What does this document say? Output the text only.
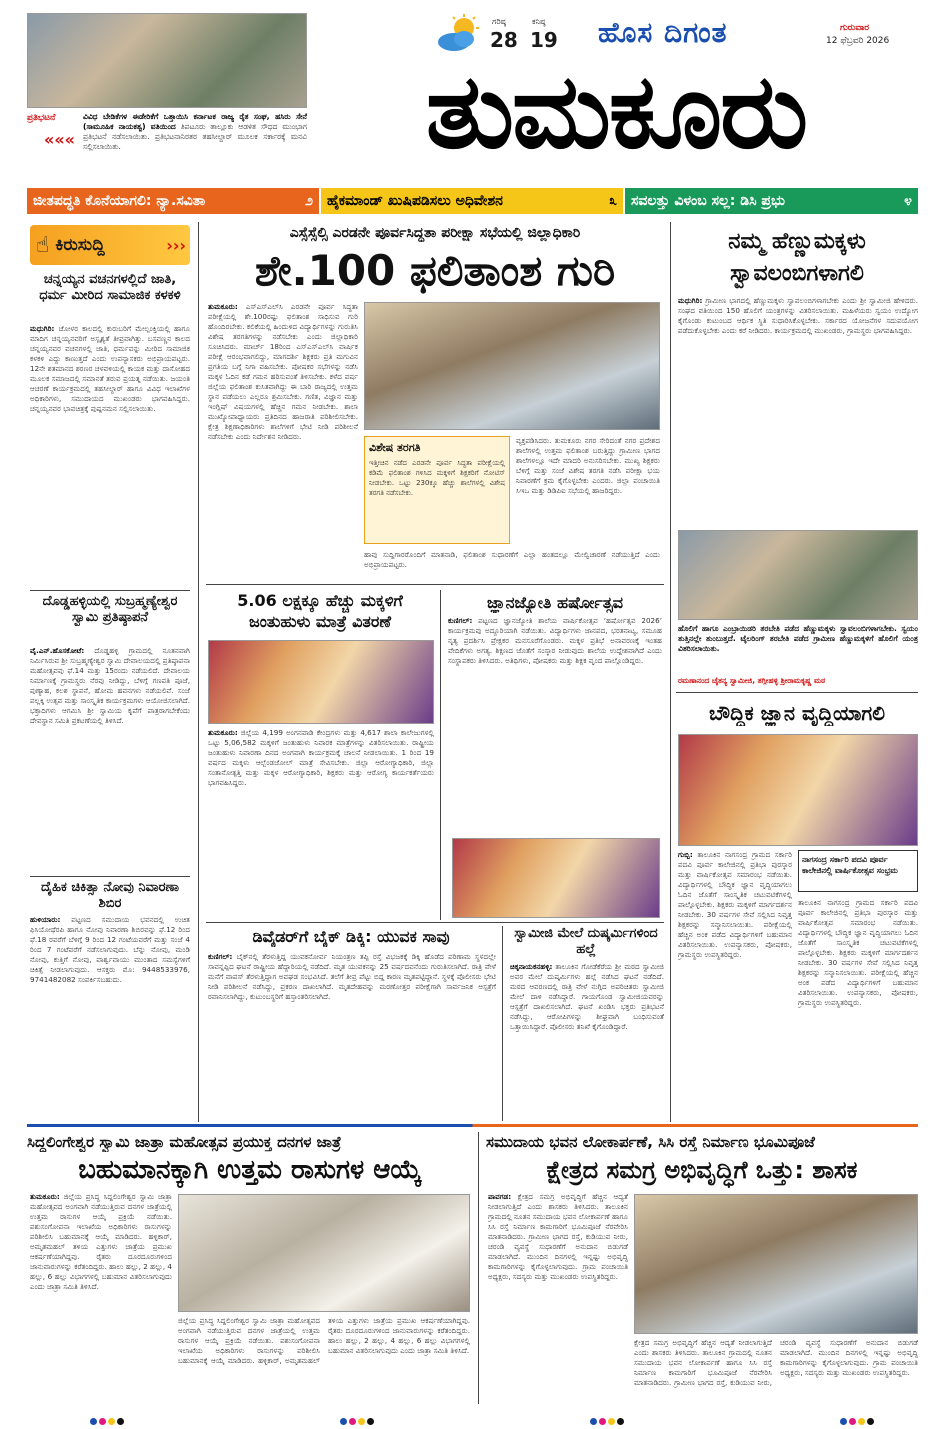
ಪ್ರತಿಭಟನೆ
«««
ವಿವಿಧ ಬೇಡಿಕೆಗಳ ಈಡೇರಿಕೆಗೆ ಒತ್ತಾಯಿಸಿ ಕರ್ನಾಟಕ ರಾಜ್ಯ ರೈತ ಸಂಘ, ಹಸಿರು ಸೇನೆ (ಸಾಮೂಹಿಕ ನಾಯಕತ್ವ) ವತಿಯಿಂದ ತಿಪಟೂರು ತಾಲ್ಲೂಕು ಆಡಳಿತ ಸೌಧದ ಮುಂಭಾಗ ಪ್ರತಿಭಟನೆ ನಡೆಸಲಾಯಿತು. ಪ್ರತಿಭಟನಾನಿರತರ ತಹಸೀಲ್ದಾರ್ ಮೂಲಕ ಸರ್ಕಾರಕ್ಕೆ ಮನವಿ ಸಲ್ಲಿಸಲಾಯಿತು.
ಗರಿಷ್ಠ
28
ಕನಿಷ್ಠ
19 ಹೊಸ ದಿಗಂತ	ಗುರುವಾರ
12 ಫೆಬ್ರವರಿ 2026
ತುಮಕೂರು
ಜೀತಪದ್ಧತಿ ಕೊನೆಯಾಗಲಿ: ನ್ಯಾ.ಸವಿತಾ	೨ ಹೈಕಮಾಂಡ್ ಖುಷಿಪಡಿಸಲು ಅಧಿವೇಶನ	೩ ಸವಲತ್ತು ವಿಳಂಬ ಸಲ್ಲ: ಡಿಸಿ ಪ್ರಭು	೪
☝ ಕಿರುಸುದ್ದಿ	›››
ಚನ್ನಯ್ಯನ ವಚನಗಳಲ್ಲಿದೆ ಜಾತಿ, ಧರ್ಮ ಮೀರಿದ ಸಾಮಾಜಿಕ ಕಳಕಳಿ
ಮಧುಗಿರಿ: ಚೋಳರ ಕಾಲದಲ್ಲಿ ಕುರುಬರಿಗೆ ಮೇಲ್ಪಂಕ್ತಿಯಲ್ಲಿ ಹಾಗೂ ಮಾದಿಗ ಚನ್ನಯ್ಯನವರಿಗೆ ಅಸ್ಪೃಶ್ಯತೆ ತೀವ್ರವಾಗಿತ್ತು. ಬಸವಣ್ಣನ ಕಾಲದ ಚನ್ನಯ್ಯನವರ ವಚನಗಳಲ್ಲಿ ಜಾತಿ, ಧರ್ಮವನ್ನು ಮೀರಿದ ಸಾಮಾಜಿಕ ಕಳಕಳಿ ಎದ್ದು ಕಾಣುತ್ತದೆ ಎಂದು ಉಪನ್ಯಾಸಕರು ಅಭಿಪ್ರಾಯಪಟ್ಟರು. 12ನೇ ಶತಮಾನದ ಶರಣರ ಚಳವಳಿಯಲ್ಲಿ ಕಾಯಕ ಮತ್ತು ದಾಸೋಹದ ಮೂಲಕ ಸಮಾಜದಲ್ಲಿ ಸಮಾನತೆ ತರುವ ಪ್ರಯತ್ನ ನಡೆಯಿತು. ಜಯಂತಿ ಆಚರಣೆ ಕಾರ್ಯಕ್ರಮದಲ್ಲಿ ತಹಸೀಲ್ದಾರ್ ಹಾಗೂ ವಿವಿಧ ಇಲಾಖೆಗಳ ಅಧಿಕಾರಿಗಳು, ಸಮುದಾಯದ ಮುಖಂಡರು ಭಾಗವಹಿಸಿದ್ದರು. ಚನ್ನಯ್ಯನವರ ಭಾವಚಿತ್ರಕ್ಕೆ ಪುಷ್ಪನಮನ ಸಲ್ಲಿಸಲಾಯಿತು.
ದೊಡ್ಡಹಳ್ಳಿಯಲ್ಲಿ ಸುಬ್ರಹ್ಮಣ್ಯೇಶ್ವರ ಸ್ವಾಮಿ ಪ್ರತಿಷ್ಠಾಪನೆ
ವೈ.ಎನ್.ಹೊಸಕೋಟೆ: ದೊಡ್ಡಹಳ್ಳಿ ಗ್ರಾಮದಲ್ಲಿ ನೂತನವಾಗಿ ನಿರ್ಮಿಸಿರುವ ಶ್ರೀ ಸುಬ್ರಹ್ಮಣ್ಯೇಶ್ವರ ಸ್ವಾಮಿ ದೇವಾಲಯದಲ್ಲಿ ಪ್ರತಿಷ್ಠಾಪನಾ ಮಹೋತ್ಸವವು ಫೆ.14 ಮತ್ತು 15ರಂದು ನಡೆಯಲಿದೆ. ದೇವಾಲಯ ನಿರ್ಮಾಣಕ್ಕೆ ಗ್ರಾಮಸ್ಥರು ನೆರವು ನೀಡಿದ್ದು, ಬೆಳಿಗ್ಗೆ ಗಣಪತಿ ಪೂಜೆ, ಪುಣ್ಯಾಹ, ಕಲಶ ಸ್ಥಾಪನೆ, ಹೋಮ ಹವನಗಳು ನಡೆಯಲಿವೆ. ಸಂಜೆ ಪಲ್ಲಕ್ಕಿ ಉತ್ಸವ ಮತ್ತು ಸಾಂಸ್ಕೃತಿಕ ಕಾರ್ಯಕ್ರಮಗಳು ಆಯೋಜಿಸಲಾಗಿದೆ. ಭಕ್ತಾದಿಗಳು ಆಗಮಿಸಿ ಶ್ರೀ ಸ್ವಾಮಿಯ ಕೃಪೆಗೆ ಪಾತ್ರರಾಗಬೇಕೆಂದು ದೇವಸ್ಥಾನ ಸಮಿತಿ ಪ್ರಕಟಣೆಯಲ್ಲಿ ತಿಳಿಸಿದೆ.
ದೈಹಿಕ ಚಿಕಿತ್ಸಾ ನೋವು ನಿವಾರಣಾ ಶಿಬಿರ
ಹುಳಿಯಾರು: ಪಟ್ಟಣದ ಸಮುದಾಯ ಭವನದಲ್ಲಿ ಉಚಿತ ಫಿಸಿಯೋಥೆರಪಿ ಹಾಗೂ ನೋವು ನಿವಾರಣಾ ಶಿಬಿರವನ್ನು ಫೆ.12 ರಿಂದ ಫೆ.18 ರವರೆಗೆ ಬೆಳಿಗ್ಗೆ 9 ರಿಂದ 12 ಗಂಟೆಯವರೆಗೆ ಮತ್ತು ಸಂಜೆ 4 ರಿಂದ 7 ಗಂಟೆವರೆಗೆ ನಡೆಸಲಾಗುವುದು. ಬೆನ್ನು ನೋವು, ಮಂಡಿ ನೋವು, ಕುತ್ತಿಗೆ ನೋವು, ಪಾರ್ಶ್ವವಾಯು ಮುಂತಾದ ಸಮಸ್ಯೆಗಳಿಗೆ ಚಿಕಿತ್ಸೆ ನೀಡಲಾಗುವುದು. ಆಸಕ್ತರು ಮೊ: 9448533976, 9741482082 ಸಂಪರ್ಕಿಸಬಹುದು.
ಎಸ್ಸೆಸ್ಸೆಲ್ಸಿ ಎರಡನೇ ಪೂರ್ವಸಿದ್ಧತಾ ಪರೀಕ್ಷಾ ಸಭೆಯಲ್ಲಿ ಜಿಲ್ಲಾಧಿಕಾರಿ
ಶೇ.100 ಫಲಿತಾಂಶ ಗುರಿ
ತುಮಕೂರು: ಎಸ್ಎಸ್ಎಲ್‌ಸಿ ಎರಡನೇ ಪೂರ್ವ ಸಿದ್ಧತಾ ಪರೀಕ್ಷೆಯಲ್ಲಿ ಶೇ.100ರಷ್ಟು ಫಲಿತಾಂಶ ಸಾಧಿಸುವ ಗುರಿ ಹೊಂದಿರಬೇಕು. ಕಲಿಕೆಯಲ್ಲಿ ಹಿಂದುಳಿದ ವಿದ್ಯಾರ್ಥಿಗಳನ್ನು ಗುರುತಿಸಿ ವಿಶೇಷ ತರಗತಿಗಳನ್ನು ನಡೆಸಬೇಕು ಎಂದು ಜಿಲ್ಲಾಧಿಕಾರಿ ಸೂಚಿಸಿದರು. ಮಾರ್ಚ್ 18ರಿಂದ ಎಸ್ಎಸ್ಎಲ್‌ಸಿ ವಾರ್ಷಿಕ ಪರೀಕ್ಷೆ ಆರಂಭವಾಗಲಿದ್ದು, ಮಾಗದರ್ಶಿ ಶಿಕ್ಷಕರು ಪ್ರತಿ ಮಗುವಿನ ಪ್ರಗತಿಯ ಬಗ್ಗೆ ನಿಗಾ ವಹಿಸಬೇಕು. ಪೋಷಕರ ಸಭೆಗಳನ್ನು ನಡೆಸಿ ಮಕ್ಕಳ ಓದಿನ ಕಡೆ ಗಮನ ಹರಿಸುವಂತೆ ತಿಳಿಸಬೇಕು. ಕಳೆದ ವರ್ಷ ಜಿಲ್ಲೆಯ ಫಲಿತಾಂಶ ಕುಸಿತವಾಗಿದ್ದು ಈ ಬಾರಿ ರಾಜ್ಯದಲ್ಲಿ ಉತ್ತಮ ಸ್ಥಾನ ಪಡೆಯಲು ಎಲ್ಲರೂ ಶ್ರಮಿಸಬೇಕು. ಗಣಿತ, ವಿಜ್ಞಾನ ಮತ್ತು ಇಂಗ್ಲಿಷ್ ವಿಷಯಗಳಲ್ಲಿ ಹೆಚ್ಚಿನ ಗಮನ ನೀಡಬೇಕು. ಶಾಲಾ ಮುಖ್ಯೋಪಾಧ್ಯಾಯರು ಪ್ರತಿದಿನದ ಹಾಜರಾತಿ ಪರಿಶೀಲಿಸಬೇಕು. ಕ್ಷೇತ್ರ ಶಿಕ್ಷಣಾಧಿಕಾರಿಗಳು ಶಾಲೆಗಳಿಗೆ ಭೇಟಿ ನೀಡಿ ಪರಿಶೀಲನೆ ನಡೆಸಬೇಕು ಎಂದು ನಿರ್ದೇಶನ ನೀಡಿದರು.
ವಿಶೇಷ ತರಗತಿ
ಇತ್ತೀಚಿನ ನಡೆದ ಎರಡನೇ ಪೂರ್ವ ಸಿದ್ಧತಾ ಪರೀಕ್ಷೆಯಲ್ಲಿ ಕಡಿಮೆ ಫಲಿತಾಂಶ ಗಳಿಸಿದ ಮಕ್ಕಳಿಗೆ ಶಿಕ್ಷಕರಿಗೆ ನೋಟಿಸ್ ನೀಡಬೇಕು. ಒಟ್ಟು 230ಕ್ಕೂ ಹೆಚ್ಚು ಶಾಲೆಗಳಲ್ಲಿ ವಿಶೇಷ ತರಗತಿ ನಡೆಸಬೇಕು.
ವ್ಯಕ್ತಪಡಿಸಿದರು. ತುಮಕೂರು ನಗರ ಸೇರಿದಂತೆ ನಗರ ಪ್ರದೇಶದ ಶಾಲೆಗಳಲ್ಲಿ ಉತ್ತಮ ಫಲಿತಾಂಶ ಬರುತ್ತಿದ್ದು ಗ್ರಾಮೀಣ ಭಾಗದ ಶಾಲೆಗಳಲ್ಲೂ ಇದೇ ಮಾದರಿ ಅನುಸರಿಸಬೇಕು. ಮುಖ್ಯ ಶಿಕ್ಷಕರು ಬೆಳಿಗ್ಗೆ ಮತ್ತು ಸಂಜೆ ವಿಶೇಷ ತರಗತಿ ನಡೆಸಿ ಪರೀಕ್ಷಾ ಭಯ ನಿವಾರಣೆಗೆ ಕ್ರಮ ಕೈಗೊಳ್ಳಬೇಕು ಎಂದರು. ಜಿಲ್ಲಾ ಪಂಚಾಯಿತಿ ಸಿಇಒ ಮತ್ತು ಡಿಡಿಪಿಐ ಸಭೆಯಲ್ಲಿ ಹಾಜರಿದ್ದರು.
ಹಾವು ಸುದ್ದಿಗಾರರೊಂದಿಗೆ ಮಾತನಾಡಿ, ಫಲಿತಾಂಶ ಸುಧಾರಣೆಗೆ ಎಲ್ಲಾ ಹಂತದಲ್ಲೂ ಮೇಲ್ವಿಚಾರಣೆ ನಡೆಯುತ್ತಿದೆ ಎಂದು ಅಭಿಪ್ರಾಯಪಟ್ಟರು.
5.06 ಲಕ್ಷಕ್ಕೂ ಹೆಚ್ಚು ಮಕ್ಕಳಿಗೆ ಜಂತುಹುಳು ಮಾತ್ರೆ ವಿತರಣೆ
ತುಮಕೂರು: ಜಿಲ್ಲೆಯ 4,199 ಅಂಗನವಾಡಿ ಕೇಂದ್ರಗಳು ಮತ್ತು 4,617 ಶಾಲಾ ಕಾಲೇಜುಗಳಲ್ಲಿ ಒಟ್ಟು 5,06,582 ಮಕ್ಕಳಿಗೆ ಜಂತುಹುಳು ನಿವಾರಕ ಮಾತ್ರೆಗಳನ್ನು ವಿತರಿಸಲಾಯಿತು. ರಾಷ್ಟ್ರೀಯ ಜಂತುಹುಳು ನಿವಾರಣಾ ದಿನದ ಅಂಗವಾಗಿ ಕಾರ್ಯಕ್ರಮಕ್ಕೆ ಚಾಲನೆ ನೀಡಲಾಯಿತು. 1 ರಿಂದ 19 ವರ್ಷದ ಮಕ್ಕಳು ಆಲ್ಬೆಂಡಜೋಲ್ ಮಾತ್ರೆ ಸೇವಿಸಬೇಕು. ಜಿಲ್ಲಾ ಆರೋಗ್ಯಾಧಿಕಾರಿ, ಜಿಲ್ಲಾ ಸಂತಾನೋತ್ಪತ್ತಿ ಮತ್ತು ಮಕ್ಕಳ ಆರೋಗ್ಯಾಧಿಕಾರಿ, ಶಿಕ್ಷಕರು ಮತ್ತು ಆರೋಗ್ಯ ಕಾರ್ಯಕರ್ತೆಯರು ಭಾಗವಹಿಸಿದ್ದರು.
ಜ್ಞಾನಜ್ಯೋತಿ ಹರ್ಷೋತ್ಸವ
ಕುಣಿಗಲ್: ಪಟ್ಟಣದ ಜ್ಞಾನಜ್ಯೋತಿ ಶಾಲೆಯ ವಾರ್ಷಿಕೋತ್ಸವ ‘ಹರ್ಷೋತ್ಸವ 2026’ ಕಾರ್ಯಕ್ರಮವು ಅದ್ದೂರಿಯಾಗಿ ನಡೆಯಿತು. ವಿದ್ಯಾರ್ಥಿಗಳು ಜಾನಪದ, ಭರತನಾಟ್ಯ, ಸಮೂಹ ನೃತ್ಯ ಪ್ರದರ್ಶಿಸಿ ಪ್ರೇಕ್ಷಕರ ಮನಸೂರೆಗೊಂಡರು. ಮಕ್ಕಳ ಪ್ರತಿಭೆ ಅನಾವರಣಕ್ಕೆ ಇಂತಹ ವೇದಿಕೆಗಳು ಅಗತ್ಯ. ಶಿಕ್ಷಣದ ಜೊತೆಗೆ ಸಂಸ್ಕಾರ ನೀಡುವುದು ಶಾಲೆಯ ಉದ್ದೇಶವಾಗಿದೆ ಎಂದು ಸಂಸ್ಥಾಪಕರು ತಿಳಿಸಿದರು. ಅತಿಥಿಗಳು, ಪೋಷಕರು ಮತ್ತು ಶಿಕ್ಷಕ ವೃಂದ ಪಾಲ್ಗೊಂಡಿದ್ದರು.
ಡಿವೈಡರ್‌ಗೆ ಬೈಕ್ ಡಿಕ್ಕಿ: ಯುವಕ ಸಾವು
ಕುಣಿಗಲ್: ಬೈಕ್‌ನಲ್ಲಿ ತೆರಳುತ್ತಿದ್ದ ಯುವಕನೋರ್ವ ನಿಯಂತ್ರಣ ತಪ್ಪಿ ರಸ್ತೆ ವಿಭಜಕಕ್ಕೆ ಡಿಕ್ಕಿ ಹೊಡೆದ ಪರಿಣಾಮ ಸ್ಥಳದಲ್ಲೇ ಸಾವನ್ನಪ್ಪಿದ ಘಟನೆ ರಾಷ್ಟ್ರೀಯ ಹೆದ್ದಾರಿಯಲ್ಲಿ ನಡೆದಿದೆ. ಮೃತ ಯುವಕನನ್ನು 25 ವರ್ಷದವನೆಂದು ಗುರುತಿಸಲಾಗಿದೆ. ರಾತ್ರಿ ವೇಳೆ ಮನೆಗೆ ವಾಪಸ್ ತೆರಳುತ್ತಿದ್ದಾಗ ಅವಘಡ ಸಂಭವಿಸಿದೆ. ತಲೆಗೆ ತೀವ್ರ ಪೆಟ್ಟು ಬಿದ್ದ ಕಾರಣ ಮೃತಪಟ್ಟಿದ್ದಾನೆ. ಸ್ಥಳಕ್ಕೆ ಪೊಲೀಸರು ಭೇಟಿ ನೀಡಿ ಪರಿಶೀಲನೆ ನಡೆಸಿದ್ದು, ಪ್ರಕರಣ ದಾಖಲಾಗಿದೆ. ಮೃತದೇಹವನ್ನು ಮರಣೋತ್ತರ ಪರೀಕ್ಷೆಗಾಗಿ ಸಾರ್ವಜನಿಕ ಆಸ್ಪತ್ರೆಗೆ ರವಾನಿಸಲಾಗಿದ್ದು, ಕುಟುಂಬಸ್ಥರಿಗೆ ಹಸ್ತಾಂತರಿಸಲಾಗಿದೆ.
ಸ್ವಾಮೀಜಿ ಮೇಲೆ ದುಷ್ಕರ್ಮಿಗಳಿಂದ ಹಲ್ಲೆ
ಚಿಕ್ಕನಾಯಕನಹಳ್ಳಿ: ತಾಲೂಕಿನ ಗೋಡೆಕೆರೆಯ ಶ್ರೀ ಮಠದ ಸ್ವಾಮೀಜಿ ಅವರ ಮೇಲೆ ದುಷ್ಕರ್ಮಿಗಳು ಹಲ್ಲೆ ನಡೆಸಿದ ಘಟನೆ ನಡೆದಿದೆ. ಮಠದ ಆವರಣದಲ್ಲಿ ರಾತ್ರಿ ವೇಳೆ ನುಗ್ಗಿದ ಅಪರಿಚಿತರು ಸ್ವಾಮೀಜಿ ಮೇಲೆ ದಾಳಿ ನಡೆಸಿದ್ದಾರೆ. ಗಾಯಗೊಂಡ ಸ್ವಾಮೀಜಿಯವರನ್ನು ಆಸ್ಪತ್ರೆಗೆ ದಾಖಲಿಸಲಾಗಿದೆ. ಘಟನೆ ಖಂಡಿಸಿ ಭಕ್ತರು ಪ್ರತಿಭಟನೆ ನಡೆಸಿದ್ದು, ಆರೋಪಿಗಳನ್ನು ಶೀಘ್ರವಾಗಿ ಬಂಧಿಸುವಂತೆ ಒತ್ತಾಯಿಸಿದ್ದಾರೆ. ಪೊಲೀಸರು ತನಿಖೆ ಕೈಗೊಂಡಿದ್ದಾರೆ.
ನಮ್ಮ ಹೆಣ್ಣುಮಕ್ಕಳು ಸ್ವಾವಲಂಬಿಗಳಾಗಲಿ
ಮಧುಗಿರಿ: ಗ್ರಾಮೀಣ ಭಾಗದಲ್ಲಿ ಹೆಣ್ಣುಮಕ್ಕಳು ಸ್ವಾವಲಂಬಿಗಳಾಗಬೇಕು ಎಂದು ಶ್ರೀ ಸ್ವಾಮೀಜಿ ಹೇಳಿದರು. ಸಂಘದ ವತಿಯಿಂದ 150 ಹೊಲಿಗೆ ಯಂತ್ರಗಳನ್ನು ವಿತರಿಸಲಾಯಿತು. ಮಹಿಳೆಯರು ಸ್ವಯಂ ಉದ್ಯೋಗ ಕೈಗೊಂಡು ಕುಟುಂಬದ ಆರ್ಥಿಕ ಸ್ಥಿತಿ ಸುಧಾರಿಸಿಕೊಳ್ಳಬೇಕು. ಸರ್ಕಾರದ ಯೋಜನೆಗಳ ಸದುಪಯೋಗ ಪಡೆದುಕೊಳ್ಳಬೇಕು ಎಂದು ಕರೆ ನೀಡಿದರು. ಕಾರ್ಯಕ್ರಮದಲ್ಲಿ ಮುಖಂಡರು, ಗ್ರಾಮಸ್ಥರು ಭಾಗವಹಿಸಿದ್ದರು.
ಹೊಲಿಗೆ ಹಾಗೂ ಎಂಬ್ರಾಯಿಡರಿ ತರಬೇತಿ ಪಡೆದ ಹೆಣ್ಣುಮಕ್ಕಳು ಸ್ವಾವಲಂಬಿಗಳಾಗಬೇಕು. ಸ್ವಯಂ ತುತ್ತಿನಲ್ಲೇ ತುಂಬುತ್ತದೆ. ಟೈಲರಿಂಗ್ ತರಬೇತಿ ಪಡೆದ ಗ್ರಾಮೀಣ ಹೆಣ್ಣುಮಕ್ಕಳಿಗೆ ಹೊಲಿಗೆ ಯಂತ್ರ ವಿತರಿಸಲಾಯಿತು.
ರಮಣಾನಂದ ಚೈತನ್ಯ ಸ್ವಾಮೀಜಿ, ತಗ್ಗೀಹಳ್ಳಿ ಶ್ರೀರಾಮಕೃಷ್ಣ ಮಠ
ಬೌದ್ಧಿಕ ಜ್ಞಾನ ವೃದ್ಧಿಯಾಗಲಿ
ಗುಬ್ಬಿ: ತಾಲೂಕಿನ ನಾಗಸಂದ್ರ ಗ್ರಾಮದ ಸರ್ಕಾರಿ ಪದವಿ ಪೂರ್ವ ಕಾಲೇಜಿನಲ್ಲಿ ಪ್ರತಿಭಾ ಪುರಸ್ಕಾರ ಮತ್ತು ವಾರ್ಷಿಕೋತ್ಸವ ಸಮಾರಂಭ ನಡೆಯಿತು. ವಿದ್ಯಾರ್ಥಿಗಳಲ್ಲಿ ಬೌದ್ಧಿಕ ಜ್ಞಾನ ವೃದ್ಧಿಯಾಗಲು ಓದಿನ ಜೊತೆಗೆ ಸಾಂಸ್ಕೃತಿಕ ಚಟುವಟಿಕೆಗಳಲ್ಲಿ ಪಾಲ್ಗೊಳ್ಳಬೇಕು. ಶಿಕ್ಷಕರು ಮಕ್ಕಳಿಗೆ ಮಾರ್ಗದರ್ಶನ ನೀಡಬೇಕು. 30 ವರ್ಷಗಳ ಸೇವೆ ಸಲ್ಲಿಸಿದ ನಿವೃತ್ತ ಶಿಕ್ಷಕರನ್ನು ಸನ್ಮಾನಿಸಲಾಯಿತು. ಪರೀಕ್ಷೆಯಲ್ಲಿ ಹೆಚ್ಚಿನ ಅಂಕ ಪಡೆದ ವಿದ್ಯಾರ್ಥಿಗಳಿಗೆ ಬಹುಮಾನ ವಿತರಿಸಲಾಯಿತು. ಉಪನ್ಯಾಸಕರು, ಪೋಷಕರು, ಗ್ರಾಮಸ್ಥರು ಉಪಸ್ಥಿತರಿದ್ದರು.
ನಾಗಸಂದ್ರ ಸರ್ಕಾರಿ ಪದವಿ ಪೂರ್ವ ಕಾಲೇಜಿನಲ್ಲಿ ವಾರ್ಷಿಕೋತ್ಸವ ಸಂಭ್ರಮ
ತಾಲೂಕಿನ ನಾಗಸಂದ್ರ ಗ್ರಾಮದ ಸರ್ಕಾರಿ ಪದವಿ ಪೂರ್ವ ಕಾಲೇಜಿನಲ್ಲಿ ಪ್ರತಿಭಾ ಪುರಸ್ಕಾರ ಮತ್ತು ವಾರ್ಷಿಕೋತ್ಸವ ಸಮಾರಂಭ ನಡೆಯಿತು. ವಿದ್ಯಾರ್ಥಿಗಳಲ್ಲಿ ಬೌದ್ಧಿಕ ಜ್ಞಾನ ವೃದ್ಧಿಯಾಗಲು ಓದಿನ ಜೊತೆಗೆ ಸಾಂಸ್ಕೃತಿಕ ಚಟುವಟಿಕೆಗಳಲ್ಲಿ ಪಾಲ್ಗೊಳ್ಳಬೇಕು. ಶಿಕ್ಷಕರು ಮಕ್ಕಳಿಗೆ ಮಾರ್ಗದರ್ಶನ ನೀಡಬೇಕು. 30 ವರ್ಷಗಳ ಸೇವೆ ಸಲ್ಲಿಸಿದ ನಿವೃತ್ತ ಶಿಕ್ಷಕರನ್ನು ಸನ್ಮಾನಿಸಲಾಯಿತು. ಪರೀಕ್ಷೆಯಲ್ಲಿ ಹೆಚ್ಚಿನ ಅಂಕ ಪಡೆದ ವಿದ್ಯಾರ್ಥಿಗಳಿಗೆ ಬಹುಮಾನ ವಿತರಿಸಲಾಯಿತು. ಉಪನ್ಯಾಸಕರು, ಪೋಷಕರು, ಗ್ರಾಮಸ್ಥರು ಉಪಸ್ಥಿತರಿದ್ದರು.
ಸಿದ್ದಲಿಂಗೇಶ್ವರ ಸ್ವಾಮಿ ಜಾತ್ರಾ ಮಹೋತ್ಸವ ಪ್ರಯುಕ್ತ ದನಗಳ ಜಾತ್ರೆ
ಬಹುಮಾನಕ್ಕಾಗಿ ಉತ್ತಮ ರಾಸುಗಳ ಆಯ್ಕೆ
ತುಮಕೂರು: ಜಿಲ್ಲೆಯ ಪ್ರಸಿದ್ಧ ಸಿದ್ದಲಿಂಗೇಶ್ವರ ಸ್ವಾಮಿ ಜಾತ್ರಾ ಮಹೋತ್ಸವದ ಅಂಗವಾಗಿ ನಡೆಯುತ್ತಿರುವ ದನಗಳ ಜಾತ್ರೆಯಲ್ಲಿ ಉತ್ತಮ ರಾಸುಗಳ ಆಯ್ಕೆ ಪ್ರಕ್ರಿಯೆ ನಡೆಯಿತು. ಪಶುಸಂಗೋಪನಾ ಇಲಾಖೆಯ ಅಧಿಕಾರಿಗಳು ರಾಸುಗಳನ್ನು ಪರಿಶೀಲಿಸಿ ಬಹುಮಾನಕ್ಕೆ ಆಯ್ಕೆ ಮಾಡಿದರು. ಹಳ್ಳಿಕಾರ್, ಅಮೃತಮಹಲ್ ತಳಿಯ ಎತ್ತುಗಳು ಜಾತ್ರೆಯ ಪ್ರಮುಖ ಆಕರ್ಷಣೆಯಾಗಿದ್ದವು. ರೈತರು ದೂರದೂರುಗಳಿಂದ ಜಾನುವಾರುಗಳನ್ನು ಕರೆತಂದಿದ್ದರು. ಹಾಲು ಹಲ್ಲು, 2 ಹಲ್ಲು, 4 ಹಲ್ಲು, 6 ಹಲ್ಲು ವಿಭಾಗಗಳಲ್ಲಿ ಬಹುಮಾನ ವಿತರಿಸಲಾಗುವುದು ಎಂದು ಜಾತ್ರಾ ಸಮಿತಿ ತಿಳಿಸಿದೆ.
ಜಿಲ್ಲೆಯ ಪ್ರಸಿದ್ಧ ಸಿದ್ದಲಿಂಗೇಶ್ವರ ಸ್ವಾಮಿ ಜಾತ್ರಾ ಮಹೋತ್ಸವದ ಅಂಗವಾಗಿ ನಡೆಯುತ್ತಿರುವ ದನಗಳ ಜಾತ್ರೆಯಲ್ಲಿ ಉತ್ತಮ ರಾಸುಗಳ ಆಯ್ಕೆ ಪ್ರಕ್ರಿಯೆ ನಡೆಯಿತು. ಪಶುಸಂಗೋಪನಾ ಇಲಾಖೆಯ ಅಧಿಕಾರಿಗಳು ರಾಸುಗಳನ್ನು ಪರಿಶೀಲಿಸಿ ಬಹುಮಾನಕ್ಕೆ ಆಯ್ಕೆ ಮಾಡಿದರು. ಹಳ್ಳಿಕಾರ್, ಅಮೃತಮಹಲ್ ತಳಿಯ ಎತ್ತುಗಳು ಜಾತ್ರೆಯ ಪ್ರಮುಖ ಆಕರ್ಷಣೆಯಾಗಿದ್ದವು. ರೈತರು ದೂರದೂರುಗಳಿಂದ ಜಾನುವಾರುಗಳನ್ನು ಕರೆತಂದಿದ್ದರು. ಹಾಲು ಹಲ್ಲು, 2 ಹಲ್ಲು, 4 ಹಲ್ಲು, 6 ಹಲ್ಲು ವಿಭಾಗಗಳಲ್ಲಿ ಬಹುಮಾನ ವಿತರಿಸಲಾಗುವುದು ಎಂದು ಜಾತ್ರಾ ಸಮಿತಿ ತಿಳಿಸಿದೆ.
ಸಮುದಾಯ ಭವನ ಲೋಕಾರ್ಪಣೆ, ಸಿಸಿ ರಸ್ತೆ ನಿರ್ಮಾಣ ಭೂಮಿಪೂಜೆ
ಕ್ಷೇತ್ರದ ಸಮಗ್ರ ಅಭಿವೃದ್ಧಿಗೆ ಒತ್ತು: ಶಾಸಕ
ಪಾವಗಡ: ಕ್ಷೇತ್ರದ ಸಮಗ್ರ ಅಭಿವೃದ್ಧಿಗೆ ಹೆಚ್ಚಿನ ಆದ್ಯತೆ ನೀಡಲಾಗುತ್ತಿದೆ ಎಂದು ಶಾಸಕರು ತಿಳಿಸಿದರು. ತಾಲೂಕಿನ ಗ್ರಾಮದಲ್ಲಿ ನೂತನ ಸಮುದಾಯ ಭವನ ಲೋಕಾರ್ಪಣೆ ಹಾಗೂ ಸಿಸಿ ರಸ್ತೆ ನಿರ್ಮಾಣ ಕಾಮಗಾರಿಗೆ ಭೂಮಿಪೂಜೆ ನೆರವೇರಿಸಿ ಮಾತನಾಡಿದರು. ಗ್ರಾಮೀಣ ಭಾಗದ ರಸ್ತೆ, ಕುಡಿಯುವ ನೀರು, ಚರಂಡಿ ವ್ಯವಸ್ಥೆ ಸುಧಾರಣೆಗೆ ಅನುದಾನ ಬಿಡುಗಡೆ ಮಾಡಲಾಗಿದೆ. ಮುಂದಿನ ದಿನಗಳಲ್ಲಿ ಇನ್ನಷ್ಟು ಅಭಿವೃದ್ಧಿ ಕಾಮಗಾರಿಗಳನ್ನು ಕೈಗೊಳ್ಳಲಾಗುವುದು. ಗ್ರಾಮ ಪಂಚಾಯಿತಿ ಅಧ್ಯಕ್ಷರು, ಸದಸ್ಯರು ಮತ್ತು ಮುಖಂಡರು ಉಪಸ್ಥಿತರಿದ್ದರು.
ಕ್ಷೇತ್ರದ ಸಮಗ್ರ ಅಭಿವೃದ್ಧಿಗೆ ಹೆಚ್ಚಿನ ಆದ್ಯತೆ ನೀಡಲಾಗುತ್ತಿದೆ ಎಂದು ಶಾಸಕರು ತಿಳಿಸಿದರು. ತಾಲೂಕಿನ ಗ್ರಾಮದಲ್ಲಿ ನೂತನ ಸಮುದಾಯ ಭವನ ಲೋಕಾರ್ಪಣೆ ಹಾಗೂ ಸಿಸಿ ರಸ್ತೆ ನಿರ್ಮಾಣ ಕಾಮಗಾರಿಗೆ ಭೂಮಿಪೂಜೆ ನೆರವೇರಿಸಿ ಮಾತನಾಡಿದರು. ಗ್ರಾಮೀಣ ಭಾಗದ ರಸ್ತೆ, ಕುಡಿಯುವ ನೀರು, ಚರಂಡಿ ವ್ಯವಸ್ಥೆ ಸುಧಾರಣೆಗೆ ಅನುದಾನ ಬಿಡುಗಡೆ ಮಾಡಲಾಗಿದೆ. ಮುಂದಿನ ದಿನಗಳಲ್ಲಿ ಇನ್ನಷ್ಟು ಅಭಿವೃದ್ಧಿ ಕಾಮಗಾರಿಗಳನ್ನು ಕೈಗೊಳ್ಳಲಾಗುವುದು. ಗ್ರಾಮ ಪಂಚಾಯಿತಿ ಅಧ್ಯಕ್ಷರು, ಸದಸ್ಯರು ಮತ್ತು ಮುಖಂಡರು ಉಪಸ್ಥಿತರಿದ್ದರು.
